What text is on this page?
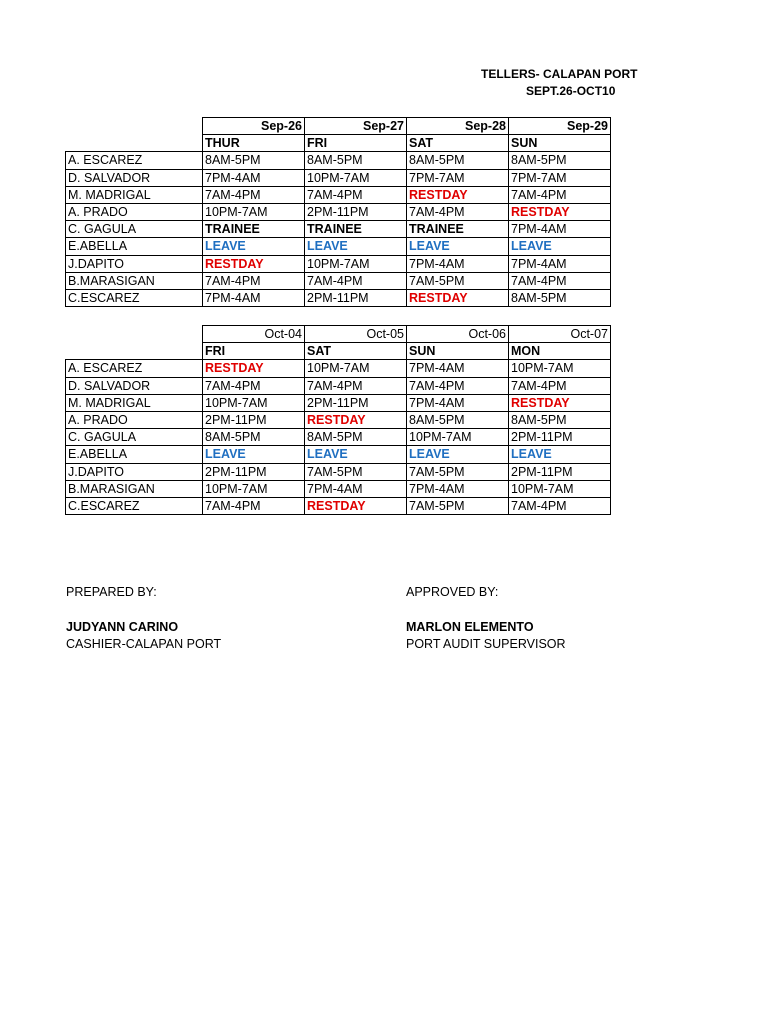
TELLERS- CALAPAN PORT
SEPT.26-OCT10
	Sep-26	Sep-27	Sep-28	Sep-29
	THUR	FRI	SAT	SUN
A. ESCAREZ	8AM-5PM	8AM-5PM	8AM-5PM	8AM-5PM
D. SALVADOR	7PM-4AM	10PM-7AM	7PM-7AM	7PM-7AM
M. MADRIGAL	7AM-4PM	7AM-4PM	RESTDAY	7AM-4PM
A. PRADO	10PM-7AM	2PM-11PM	7AM-4PM	RESTDAY
C. GAGULA	TRAINEE	TRAINEE	TRAINEE	7PM-4AM
E.ABELLA	LEAVE	LEAVE	LEAVE	LEAVE
J.DAPITO	RESTDAY	10PM-7AM	7PM-4AM	7PM-4AM
B.MARASIGAN	7AM-4PM	7AM-4PM	7AM-5PM	7AM-4PM
C.ESCAREZ	7PM-4AM	2PM-11PM	RESTDAY	8AM-5PM
	Oct-04	Oct-05	Oct-06	Oct-07
	FRI	SAT	SUN	MON
A. ESCAREZ	RESTDAY	10PM-7AM	7PM-4AM	10PM-7AM
D. SALVADOR	7AM-4PM	7AM-4PM	7AM-4PM	7AM-4PM
M. MADRIGAL	10PM-7AM	2PM-11PM	7PM-4AM	RESTDAY
A. PRADO	2PM-11PM	RESTDAY	8AM-5PM	8AM-5PM
C. GAGULA	8AM-5PM	8AM-5PM	10PM-7AM	2PM-11PM
E.ABELLA	LEAVE	LEAVE	LEAVE	LEAVE
J.DAPITO	2PM-11PM	7AM-5PM	7AM-5PM	2PM-11PM
B.MARASIGAN	10PM-7AM	7PM-4AM	7PM-4AM	10PM-7AM
C.ESCAREZ	7AM-4PM	RESTDAY	7AM-5PM	7AM-4PM
PREPARED BY:
JUDYANN CARINO
CASHIER-CALAPAN PORT
APPROVED BY:
MARLON ELEMENTO
PORT AUDIT SUPERVISOR
